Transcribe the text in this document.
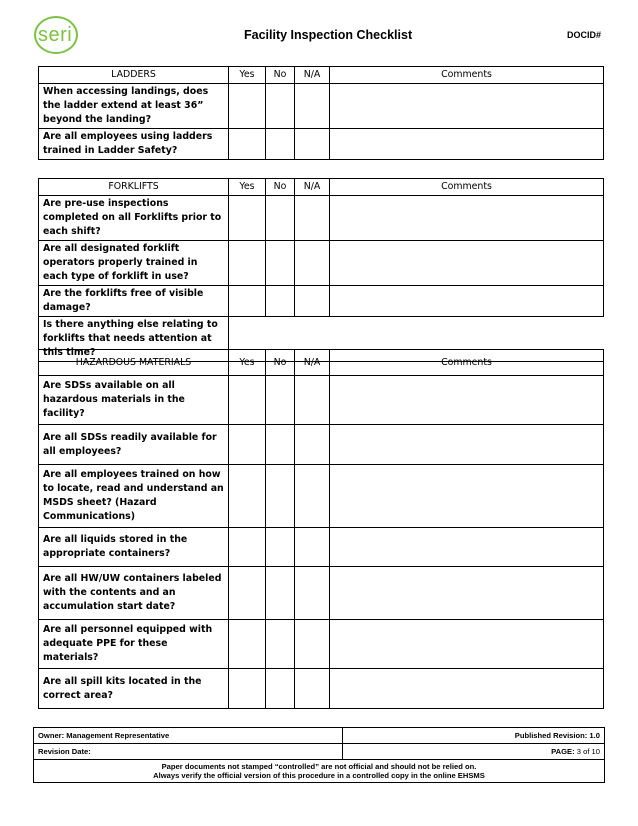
seri	Facility Inspection Checklist	DOCID#
LADDERS	Yes	No	N/A	Comments
When accessing landings, does the ladder extend at least 36” beyond the landing?				
Are all employees using ladders trained in Ladder Safety?				
FORKLIFTS	Yes	No	N/A	Comments
Are pre-use inspections completed on all Forklifts prior to each shift?				
Are all designated forklift operators properly trained in each type of forklift in use?				
Are the forklifts free of visible damage?				
Is there anything else relating to forklifts that needs attention at this time?				
HAZARDOUS MATERIALS	Yes	No	N/A	Comments
Are SDSs available on all hazardous materials in the facility?				
Are all SDSs readily available for all employees?				
Are all employees trained on how to locate, read and understand an MSDS sheet? (Hazard Communications)				
Are all liquids stored in the appropriate containers?				
Are all HW/UW containers labeled with the contents and an accumulation start date?				
Are all personnel equipped with adequate PPE for these materials?				
Are all spill kits located in the correct area?				
Owner: Management Representative	Published Revision: 1.0
Revision Date:	PAGE: 3 of 10

Paper documents not stamped “controlled” are not official and should not be relied on.
Always verify the official version of this procedure in a controlled copy in the online EHSMS	
